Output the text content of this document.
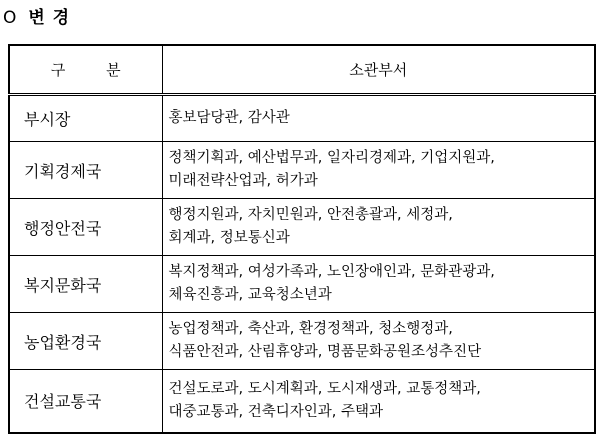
O 변 경
구 분	소관부서
부시장	홍보담당관, 감사관

기획경제국	정책기획과, 예산법무과, 일자리경제과, 기업지원과,
미래전략산업과, 허가과

행정안전국	행정지원과, 자치민원과, 안전총괄과, 세정과,
회계과, 정보통신과

복지문화국	복지정책과, 여성가족과, 노인장애인과, 문화관광과,
체육진흥과, 교육청소년과

농업환경국	농업정책과, 축산과, 환경정책과, 청소행정과,
식품안전과, 산림휴양과, 명품문화공원조성추진단

건설교통국	건설도로과, 도시계획과, 도시재생과, 교통정책과,
대중교통과, 건축디자인과, 주택과
